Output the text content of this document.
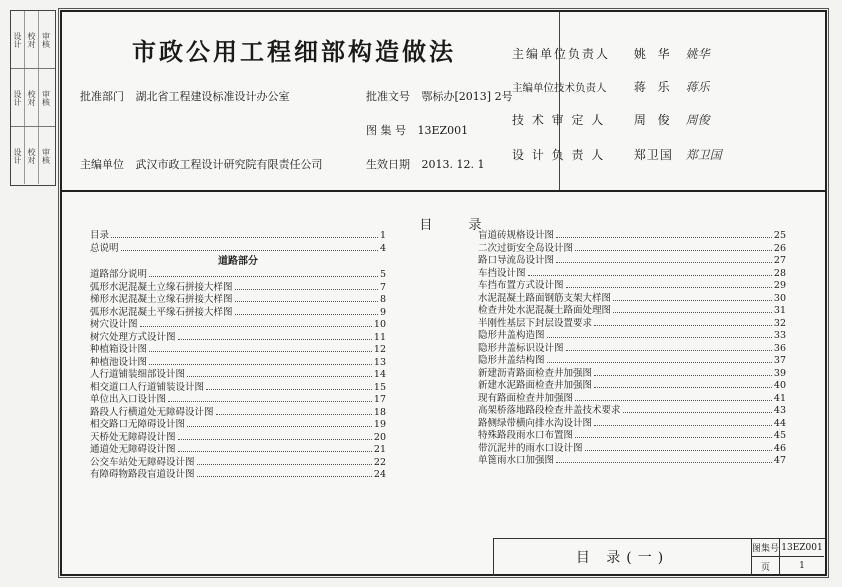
设计 校对 审核
设计 校对 审核
设计 校对 审核
市政公用工程细部构造做法
批准部门 湖北省工程建设标准设计办公室	批准文号 鄂标办[2013] 2号
图 集 号 13EZ001
主编单位 武汉市政工程设计研究院有限责任公司	生效日期 2013. 12. 1
主编单位负责人 姚 华 姚华
主编单位技术负责人 蒋 乐 蒋乐
技 术 审 定 人 周 俊 周俊
设 计 负 责 人 郑卫国 郑卫国
目 录
目录	1
总说明	4
道路部分
道路部分说明	5
弧形水泥混凝土立缘石拼接大样图	7
梯形水泥混凝土立缘石拼接大样图	8
弧形水泥混凝土平缘石拼接大样图	9
树穴设计图	10
树穴处理方式设计图	11
种植箱设计图	12
种植池设计图	13
人行道铺装细部设计图	14
相交道口人行道铺装设计图	15
单位出入口设计图	17
路段人行横道处无障碍设计图	18
相交路口无障碍设计图	19
天桥处无障碍设计图	20
通道处无障碍设计图	21
公交车站处无障碍设计图	22
有障碍物路段盲道设计图	24
盲道砖规格设计图	25
二次过街安全岛设计图	26
路口导流岛设计图	27
车挡设计图	28
车挡布置方式设计图	29
水泥混凝土路面钢筋支架大样图	30
检查井处水泥混凝土路面处理图	31
半刚性基层下封层设置要求	32
隐形井盖构造图	33
隐形井盖标识设计图	36
隐形井盖结构图	37
新建沥青路面检查井加强图	39
新建水泥路面检查井加强图	40
现有路面检查井加强图	41
高架桥落地路段检查井盖技术要求	43
路侧绿带横向排水沟设计图	44
特殊路段雨水口布置图	45
带沉泥井的雨水口设计图	46
单篦雨水口加强图	47
目 录(一)
图集号 13EZ001
页	1
